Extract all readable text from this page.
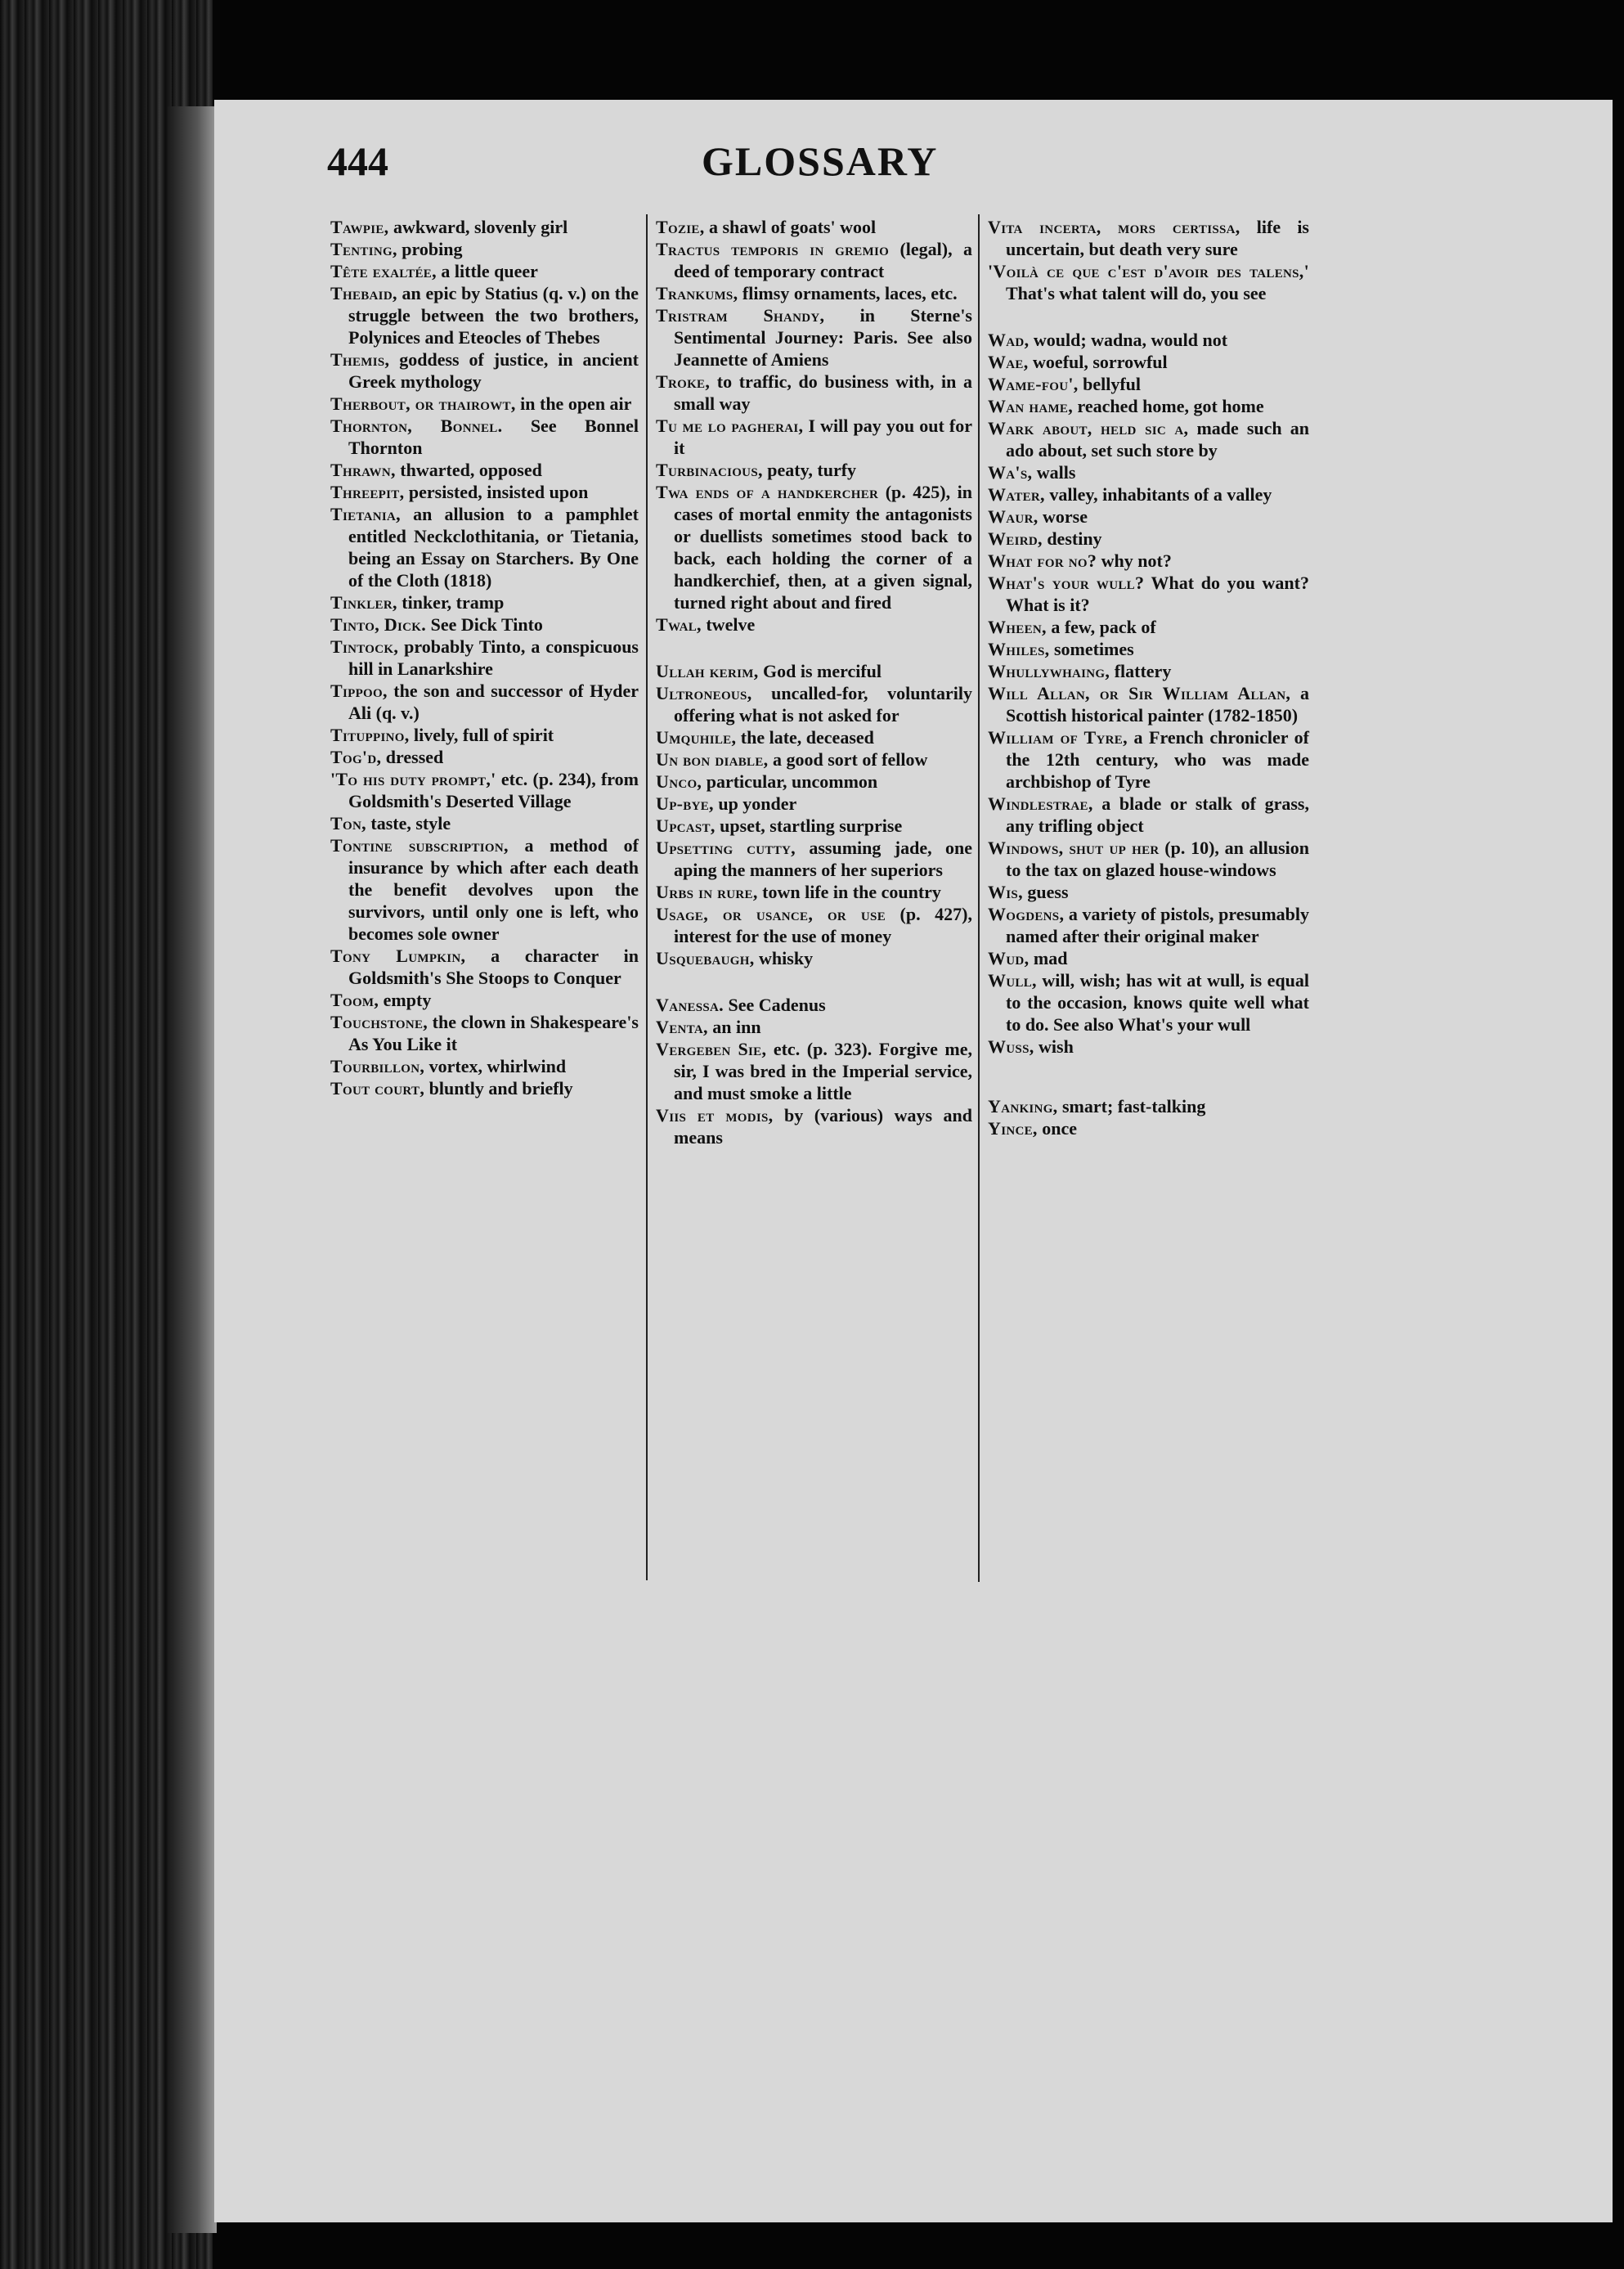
444	GLOSSARY

Tawpie, awkward, slovenly girl

Tenting, probing

Tête exaltée, a little queer

Thebaid, an epic by Statius (q. v.) on the struggle between the two brothers, Polynices and Eteocles of Thebes

Themis, goddess of justice, in ancient Greek mythology

Therbout, or thairowt, in the open air

Thornton, Bonnel. See Bonnel Thornton

Thrawn, thwarted, opposed

Threepit, persisted, insisted upon

Tietania, an allusion to a pamphlet entitled Neckclothitania, or Tietania, being an Essay on Starchers. By One of the Cloth (1818)

Tinkler, tinker, tramp

Tinto, Dick. See Dick Tinto

Tintock, probably Tinto, a conspicuous hill in Lanarkshire

Tippoo, the son and successor of Hyder Ali (q. v.)

Tituppino, lively, full of spirit

Tog'd, dressed

'To his duty prompt,' etc. (p. 234), from Goldsmith's Deserted Village

Ton, taste, style

Tontine subscription, a method of insurance by which after each death the benefit devolves upon the survivors, until only one is left, who becomes sole owner

Tony Lumpkin, a character in Goldsmith's She Stoops to Conquer

Toom, empty

Touchstone, the clown in Shakespeare's As You Like it

Tourbillon, vortex, whirlwind

Tout court, bluntly and briefly

Tozie, a shawl of goats' wool

Tractus temporis in gremio (legal), a deed of temporary contract

Trankums, flimsy ornaments, laces, etc.

Tristram Shandy, in Sterne's Sentimental Journey: Paris. See also Jeannette of Amiens

Troke, to traffic, do business with, in a small way

Tu me lo pagherai, I will pay you out for it

Turbinacious, peaty, turfy

Twa ends of a handkercher (p. 425), in cases of mortal enmity the antagonists or duellists sometimes stood back to back, each holding the corner of a handkerchief, then, at a given signal, turned right about and fired

Twal, twelve

Ullah kerim, God is merciful

Ultroneous, uncalled-for, voluntarily offering what is not asked for

Umquhile, the late, deceased

Un bon diable, a good sort of fellow

Unco, particular, uncommon

Up-bye, up yonder

Upcast, upset, startling surprise

Upsetting cutty, assuming jade, one aping the manners of her superiors

Urbs in rure, town life in the country

Usage, or usance, or use (p. 427), interest for the use of money

Usquebaugh, whisky

Vanessa. See Cadenus

Venta, an inn

Vergeben Sie, etc. (p. 323). Forgive me, sir, I was bred in the Imperial service, and must smoke a little

Viis et modis, by (various) ways and means

Vita incerta, mors certissa, life is uncertain, but death very sure

'Voilà ce que c'est d'avoir des talens,' That's what talent will do, you see

Wad, would; wadna, would not

Wae, woeful, sorrowful

Wame-fou', bellyful

Wan hame, reached home, got home

Wark about, held sic a, made such an ado about, set such store by

Wa's, walls

Water, valley, inhabitants of a valley

Waur, worse

Weird, destiny

What for no? why not?

What's your wull? What do you want? What is it?

Wheen, a few, pack of

Whiles, sometimes

Whullywhaing, flattery

Will Allan, or Sir William Allan, a Scottish historical painter (1782-1850)

William of Tyre, a French chronicler of the 12th century, who was made archbishop of Tyre

Windlestrae, a blade or stalk of grass, any trifling object

Windows, shut up her (p. 10), an allusion to the tax on glazed house-windows

Wis, guess

Wogdens, a variety of pistols, presumably named after their original maker

Wud, mad

Wull, will, wish; has wit at wull, is equal to the occasion, knows quite well what to do. See also What's your wull

Wuss, wish

Yanking, smart; fast-talking

Yince, once
